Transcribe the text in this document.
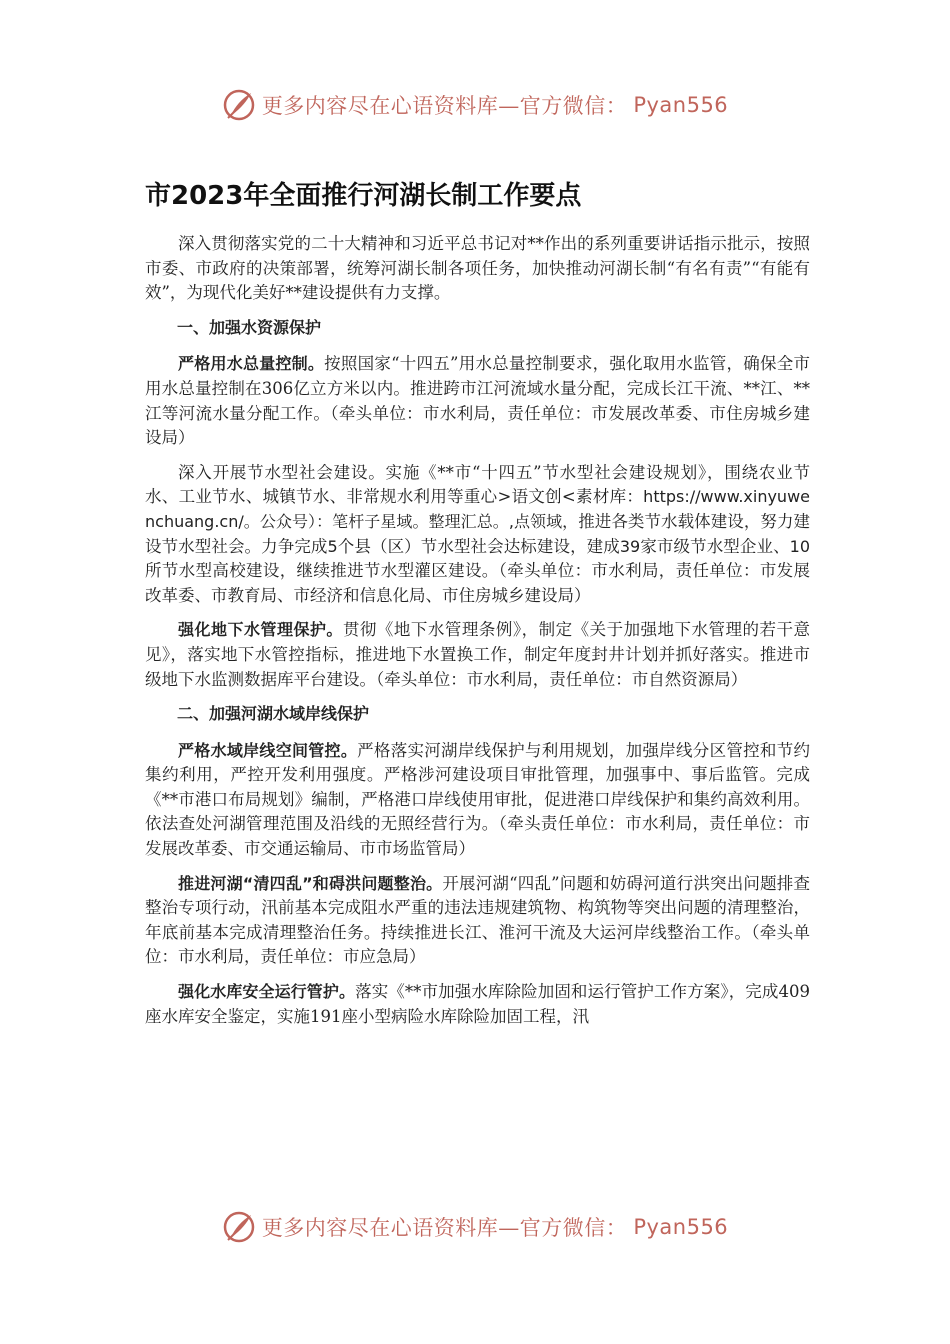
更多内容尽在心语资料库—官方微信： Pyan556
市2023年全面推行河湖长制工作要点

深入贯彻落实党的二十大精神和习近平总书记对**作出的系列重要讲话指示批示，按照市委、市政府的决策部署，统筹河湖长制各项任务，加快推动河湖长制“有名有责”“有能有效”，为现代化美好**建设提供有力支撑。

一、加强水资源保护

严格用水总量控制。按照国家“十四五”用水总量控制要求，强化取用水监管，确保全市用水总量控制在306亿立方米以内。推进跨市江河流域水量分配，完成长江干流、**江、**江等河流水量分配工作。（牵头单位：市水利局，责任单位：市发展改革委、市住房城乡建设局）

深入开展节水型社会建设。实施《**市“十四五”节水型社会建设规划》，围绕农业节水、工业节水、城镇节水、非常规水利用等重心>语文创<素材库：https://www.xinyuwenchuang.cn/。公众号）：笔杆子星域。整理汇总。,点领域，推进各类节水载体建设，努力建设节水型社会。力争完成5个县（区）节水型社会达标建设，建成39家市级节水型企业、10所节水型高校建设，继续推进节水型灌区建设。（牵头单位：市水利局，责任单位：市发展改革委、市教育局、市经济和信息化局、市住房城乡建设局）

强化地下水管理保护。贯彻《地下水管理条例》，制定《关于加强地下水管理的若干意见》，落实地下水管控指标，推进地下水置换工作，制定年度封井计划并抓好落实。推进市级地下水监测数据库平台建设。（牵头单位：市水利局，责任单位：市自然资源局）

二、加强河湖水域岸线保护

严格水域岸线空间管控。严格落实河湖岸线保护与利用规划，加强岸线分区管控和节约集约利用，严控开发利用强度。严格涉河建设项目审批管理，加强事中、事后监管。完成《**市港口布局规划》编制，严格港口岸线使用审批，促进港口岸线保护和集约高效利用。依法查处河湖管理范围及沿线的无照经营行为。（牵头责任单位：市水利局，责任单位：市发展改革委、市交通运输局、市市场监管局）

推进河湖“清四乱”和碍洪问题整治。开展河湖“四乱”问题和妨碍河道行洪突出问题排查整治专项行动，汛前基本完成阻水严重的违法违规建筑物、构筑物等突出问题的清理整治，年底前基本完成清理整治任务。持续推进长江、淮河干流及大运河岸线整治工作。（牵头单位：市水利局，责任单位：市应急局）

强化水库安全运行管护。落实《**市加强水库除险加固和运行管护工作方案》，完成409座水库安全鉴定，实施191座小型病险水库除险加固工程，汛

更多内容尽在心语资料库—官方微信： Pyan556
